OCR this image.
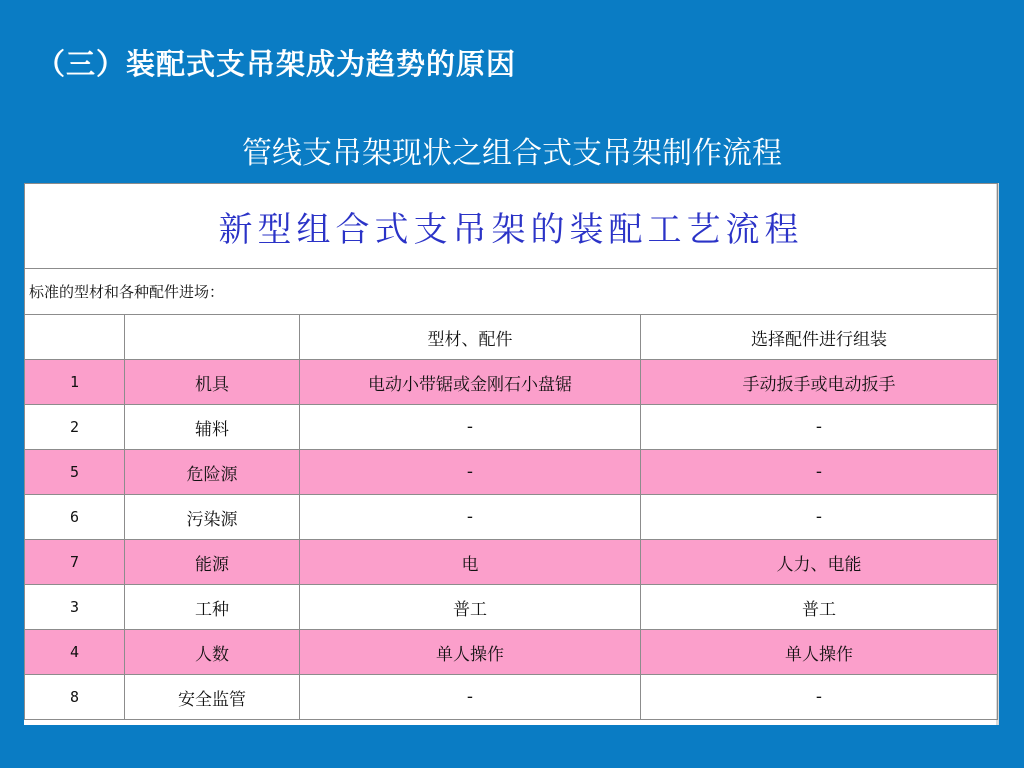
（三）装配式支吊架成为趋势的原因
管线支吊架现状之组合式支吊架制作流程
新型组合式支吊架的装配工艺流程			
标准的型材和各种配件进场：			
		型材、配件	选择配件进行组装
1	机具	电动小带锯或金刚石小盘锯	手动扳手或电动扳手
2	辅料	-	-
5	危险源	-	-
6	污染源	-	-
7	能源	电	人力、电能
3	工种	普工	普工
4	人数	单人操作	单人操作
8	安全监管	-	-
